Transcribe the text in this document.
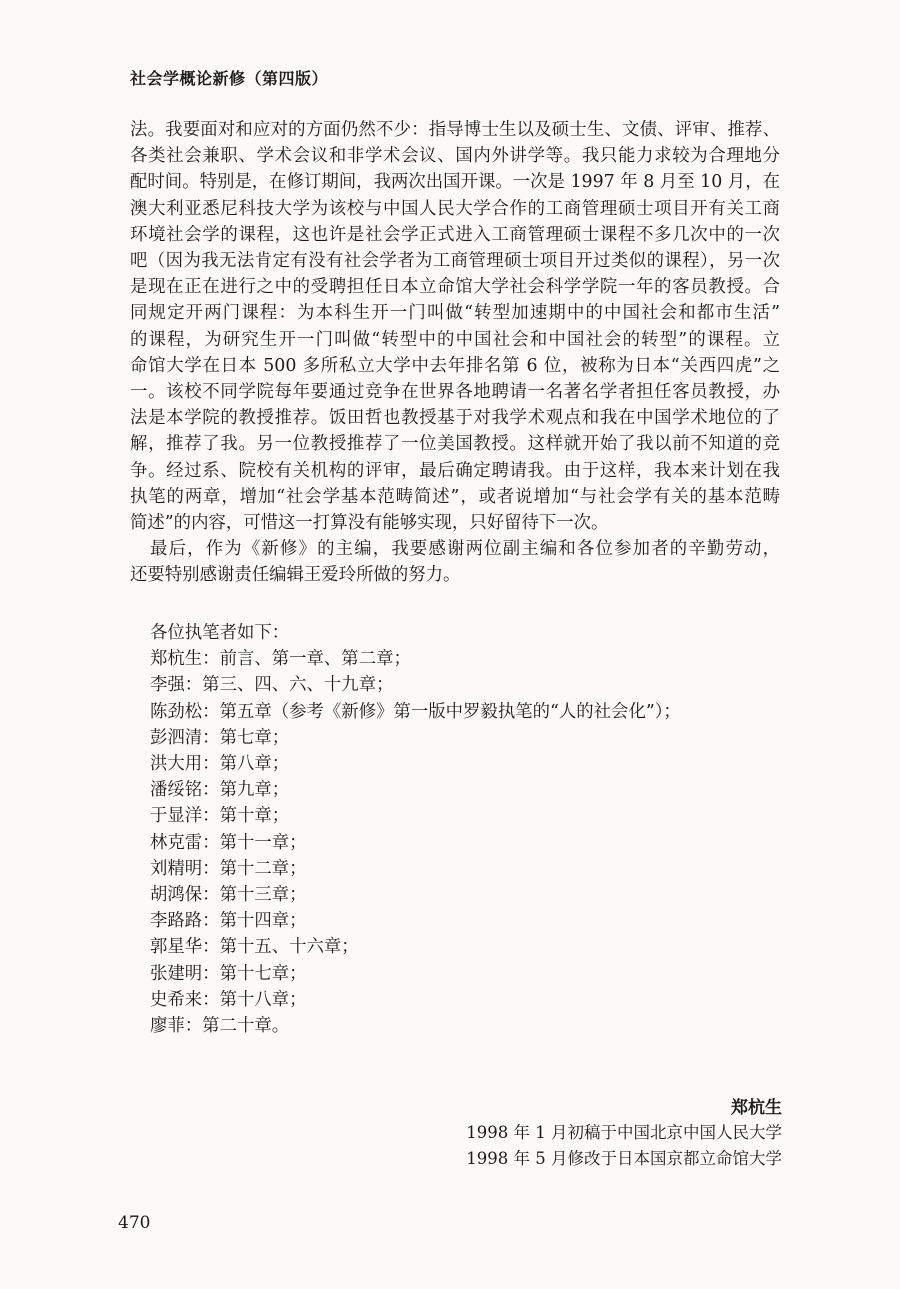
社会学概论新修（第四版）

法。我要面对和应对的方面仍然不少：指导博士生以及硕士生、文债、评审、推荐、
各类社会兼职、学术会议和非学术会议、国内外讲学等。我只能力求较为合理地分
配时间。特别是，在修订期间，我两次出国开课。一次是 1997 年 8 月至 10 月，在
澳大利亚悉尼科技大学为该校与中国人民大学合作的工商管理硕士项目开有关工商
环境社会学的课程，这也许是社会学正式进入工商管理硕士课程不多几次中的一次
吧（因为我无法肯定有没有社会学者为工商管理硕士项目开过类似的课程），另一次
是现在正在进行之中的受聘担任日本立命馆大学社会科学学院一年的客员教授。合
同规定开两门课程：为本科生开一门叫做“转型加速期中的中国社会和都市生活”
的课程，为研究生开一门叫做“转型中的中国社会和中国社会的转型”的课程。立
命馆大学在日本 500 多所私立大学中去年排名第 6 位，被称为日本“关西四虎”之
一。该校不同学院每年要通过竞争在世界各地聘请一名著名学者担任客员教授，办
法是本学院的教授推荐。饭田哲也教授基于对我学术观点和我在中国学术地位的了
解，推荐了我。另一位教授推荐了一位美国教授。这样就开始了我以前不知道的竞
争。经过系、院校有关机构的评审，最后确定聘请我。由于这样，我本来计划在我
执笔的两章，增加“社会学基本范畴简述”，或者说增加“与社会学有关的基本范畴
简述”的内容，可惜这一打算没有能够实现，只好留待下一次。

最后，作为《新修》的主编，我要感谢两位副主编和各位参加者的辛勤劳动，
还要特别感谢责任编辑王爱玲所做的努力。

各位执笔者如下：
郑杭生：前言、第一章、第二章；
李强：第三、四、六、十九章；
陈劲松：第五章（参考《新修》第一版中罗毅执笔的“人的社会化”）；
彭泗清：第七章；
洪大用：第八章；
潘绥铭：第九章；
于显洋：第十章；
林克雷：第十一章；
刘精明：第十二章；
胡鸿保：第十三章；
李路路：第十四章；
郭星华：第十五、十六章；
张建明：第十七章；
史希来：第十八章；
廖菲：第二十章。
郑杭生
1998 年 1 月初稿于中国北京中国人民大学
1998 年 5 月修改于日本国京都立命馆大学
470
